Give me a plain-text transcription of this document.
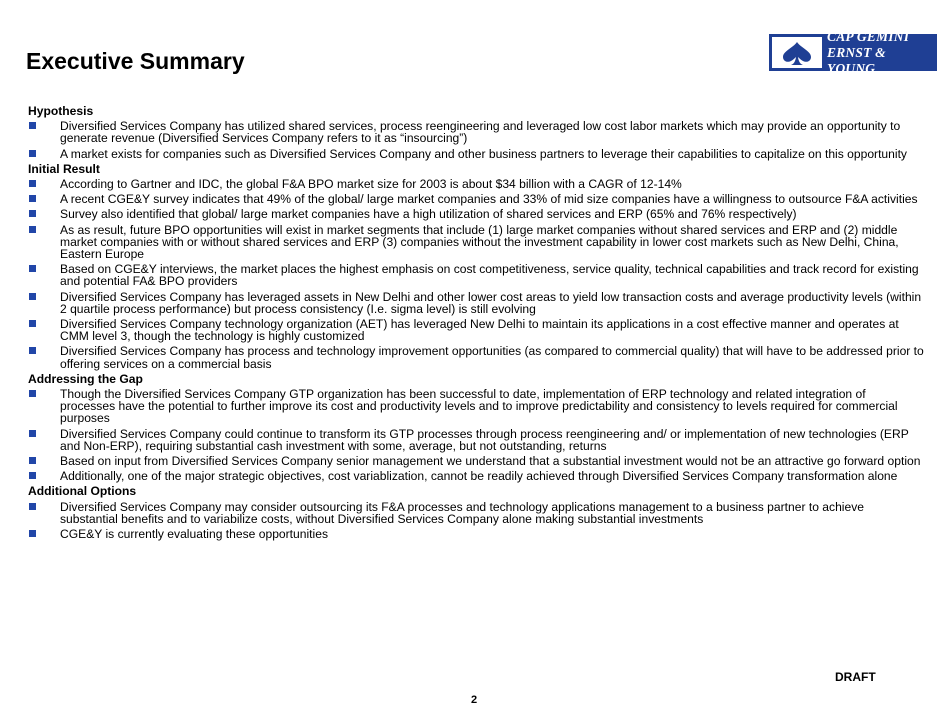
Executive Summary
CAP GEMINI
ERNST & YOUNG
Hypothesis
Diversified Services Company has utilized shared services, process reengineering and leveraged low cost labor markets which may provide an opportunity to generate revenue (Diversified Services Company refers to it as “insourcing”)
A market exists for companies such as Diversified Services Company and other business partners to leverage their capabilities to capitalize on this opportunity
Initial Result
According to Gartner and IDC, the global F&A BPO market size for 2003 is about $34 billion with a CAGR of 12-14%
A recent CGE&Y survey indicates that 49% of the global/ large market companies and 33% of mid size companies have a willingness to outsource F&A activities
Survey also identified that global/ large market companies have a high utilization of shared services and ERP (65% and 76% respectively)
As as result, future BPO opportunities will exist in market segments that include (1) large market companies without shared services and ERP and (2) middle market companies with or without shared services and ERP (3) companies without the investment capability in lower cost markets such as New Delhi, China, Eastern Europe
Based on CGE&Y interviews, the market places the highest emphasis on cost competitiveness, service quality, technical capabilities and track record for existing and potential FA& BPO providers
Diversified Services Company has leveraged assets in New Delhi and other lower cost areas to yield low transaction costs and average productivity levels (within 2 quartile process performance) but process consistency (I.e. sigma level) is still evolving
Diversified Services Company technology organization (AET) has leveraged New Delhi to maintain its applications in a cost effective manner and operates at CMM level 3, though the technology is highly customized
Diversified Services Company has process and technology improvement opportunities (as compared to commercial quality) that will have to be addressed prior to offering services on a commercial basis
Addressing the Gap
Though the Diversified Services Company GTP organization has been successful to date, implementation of ERP technology and related integration of processes have the potential to further improve its cost and productivity levels and to improve predictability and consistency to levels required for commercial purposes
Diversified Services Company could continue to transform its GTP processes through process reengineering and/ or implementation of new technologies (ERP and Non-ERP), requiring substantial cash investment with some, average, but not outstanding, returns
Based on input from Diversified Services Company senior management we understand that a substantial investment would not be an attractive go forward option
Additionally, one of the major strategic objectives, cost variablization, cannot be readily achieved through Diversified Services Company transformation alone
Additional Options
Diversified Services Company may consider outsourcing its F&A processes and technology applications management to a business partner to achieve substantial benefits and to variabilize costs, without Diversified Services Company alone making substantial investments
CGE&Y is currently evaluating these opportunities
DRAFT
2
